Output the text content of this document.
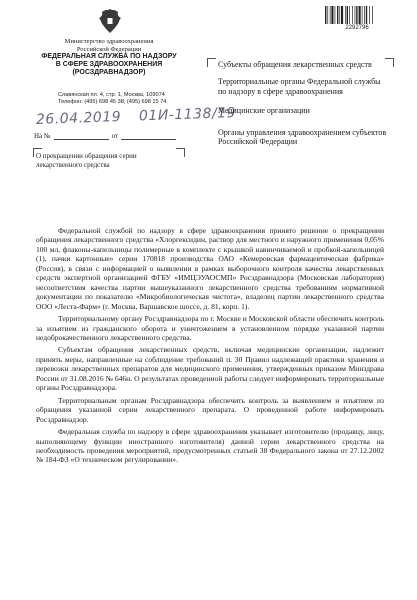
2292796
Министерство здравоохранения
Российской Федерации
ФЕДЕРАЛЬНАЯ СЛУЖБА ПО НАДЗОРУ
В СФЕРЕ ЗДРАВООХРАНЕНИЯ
(РОСЗДРАВНАДЗОР)
Славянская пл. 4, стр. 1, Москва, 109074
Телефон: (495) 698 45 38; (495) 698 15 74
26.04.2019 01И-1138/19
На №	от
О прекращении обращения серии лекарственного средства
Субъекты обращения лекарственных средств
Территориальные органы Федеральной службы по надзору в сфере здравоохранения
Медицинские организации
Органы управления здравоохранением субъектов Российской Федерации

Федеральной службой по надзору в сфере здравоохранения принято решение о прекращении обращения лекарственного средства «Хлоргексидин, раствор для местного и наружного применения 0,05% 100 мл, флаконы-капельницы полимерные в комплекте с крышкой навинчиваемой и пробкой-капельницей (1), пачки картонные» серии 170818 производства ОАО «Кемеровская фармацевтическая фабрика» (Россия), в связи с информацией о выявлении в рамках выборочного контроля качества лекарственных средств экспертной организацией ФГБУ «ИМЦЭУАОСМП» Росздравнадзора (Московская лаборатория) несоответствия качества партии вышеуказанного лекарственного средства требованиям нормативной документации по показателю «Микробиологическая чистота», владелец партии лекарственного средства ООО «Леста-Фарм» (г. Москва, Варшавское шоссе, д. 81, корп. 1).

Территориальному органу Росздравнадзора по г. Москве и Московской области обеспечить контроль за изъятием из гражданского оборота и уничтожением в установленном порядке указанной партии недоброкачественного лекарственного средства.

Субъектам обращения лекарственных средств, включая медицинские организации, надлежит принять меры, направленные на соблюдение требований п. 30 Правил надлежащей практики хранения и перевозки лекарственных препаратов для медицинского применения, утвержденных приказом Минздрава России от 31.08.2016 № 646н. О результатах проведенной работы следует информировать территориальные органы Росздравнадзора.

Территориальным органам Росздравнадзора обеспечить контроль за выявлением и изъятием из обращения указанной серии лекарственного препарата. О проведенной работе информировать Росздравнадзор.

Федеральная служба по надзору в сфере здравоохранения указывает изготовителю (продавцу, лицу, выполняющему функции иностранного изготовителя) данной серии лекарственного средства на необходимость проведения мероприятий, предусмотренных статьей 38 Федерального закона от 27.12.2002 № 184-ФЗ «О техническом регулировании».
